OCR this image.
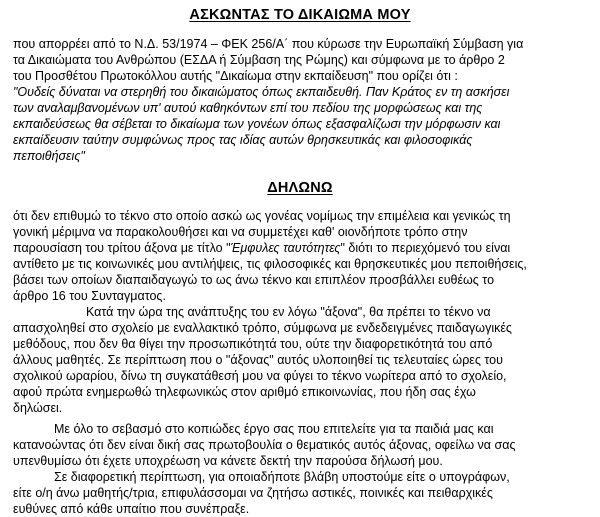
ΑΣΚΩΝΤΑΣ ΤΟ ΔΙΚΑΙΩΜΑ ΜΟΥ
που απορρέει από το Ν.Δ. 53/1974 – ΦΕΚ 256/Α΄ που κύρωσε την Ευρωπαϊκή Σύμβαση για
τα Δικαιώματα του Ανθρώπου (ΕΣΔΑ ή Σύμβαση της Ρώμης) και σύμφωνα με το άρθρο 2
του Προσθέτου Πρωτοκόλλου αυτής "Δικαίωμα στην εκπαίδευση" που ορίζει ότι :
"Ουδείς δύναται να στερηθή του δικαιώματος όπως εκπαιδευθή. Παν Κράτος εν τη ασκήσει
των αναλαμβανομένων υπ' αυτού καθηκόντων επί του πεδίου της μορφώσεως και της
εκπαιδεύσεως θα σέβεται το δικαίωμα των γονέων όπως εξασφαλίζωσι την μόρφωσιν και
εκπαίδευσιν ταύτην συμφώνως προς τας ιδίας αυτών θρησκευτικάς και φιλοσοφικάς
πεποιθήσεις"
ΔΗΛΩΝΩ
ότι δεν επιθυμώ το τέκνο στο οποίο ασκώ ως γονέας νομίμως την επιμέλεια και γενικώς τη
γονική μέριμνα να παρακολουθήσει και να συμμετέχει καθ' οιονδήποτε τρόπο στην
παρουσίαση του τρίτου άξονα με τίτλο "Έμφυλες ταυτότητες" διότι το περιεχόμενό του είναι
αντίθετο με τις κοινωνικές μου αντιλήψεις, τις φιλοσοφικές και θρησκευτικές μου πεποιθήσεις,
βάσει των οποίων διαπαιδαγωγώ το ως άνω τέκνο και επιπλέον προσβάλλει ευθέως το
άρθρο 16 του Συνταγματος.
Κατά την ώρα της ανάπτυξης του εν λόγω "άξονα", θα πρέπει το τέκνο να
απασχοληθεί στο σχολείο με εναλλακτικό τρόπο, σύμφωνα με ενδεδειγμένες παιδαγωγικές
μεθόδους, που δεν θα θίγει την προσωπικότητά του, ούτε την διαφορετικότητά του από
άλλους μαθητές. Σε περίπτωση που ο "άξονας" αυτός υλοποιηθεί τις τελευταίες ώρες του
σχολικού ωραρίου, δίνω τη συγκατάθεσή μου να φύγει το τέκνο νωρίτερα από το σχολείο,
αφού πρώτα ενημερωθώ τηλεφωνικώς στον αριθμό επικοινωνίας, που ήδη σας έχω
δηλώσει.
Με όλο το σεβασμό στο κοπιώδες έργο σας που επιτελείτε για τα παιδιά μας και
κατανοώντας ότι δεν είναι δική σας πρωτοβουλία ο θεματικός αυτός άξονας, οφείλω να σας
υπενθυμίσω ότι έχετε υποχρέωση να κάνετε δεκτή την παρούσα δήλωσή μου.
Σε διαφορετική περίπτωση, για οποιαδήποτε βλάβη υποστούμε είτε ο υπογράφων,
είτε ο/η άνω μαθητής/τρια, επιφυλάσσομαι να ζητήσω αστικές, ποινικές και πειθαρχικές
ευθύνες από κάθε υπαίτιο που συνέπραξε.
